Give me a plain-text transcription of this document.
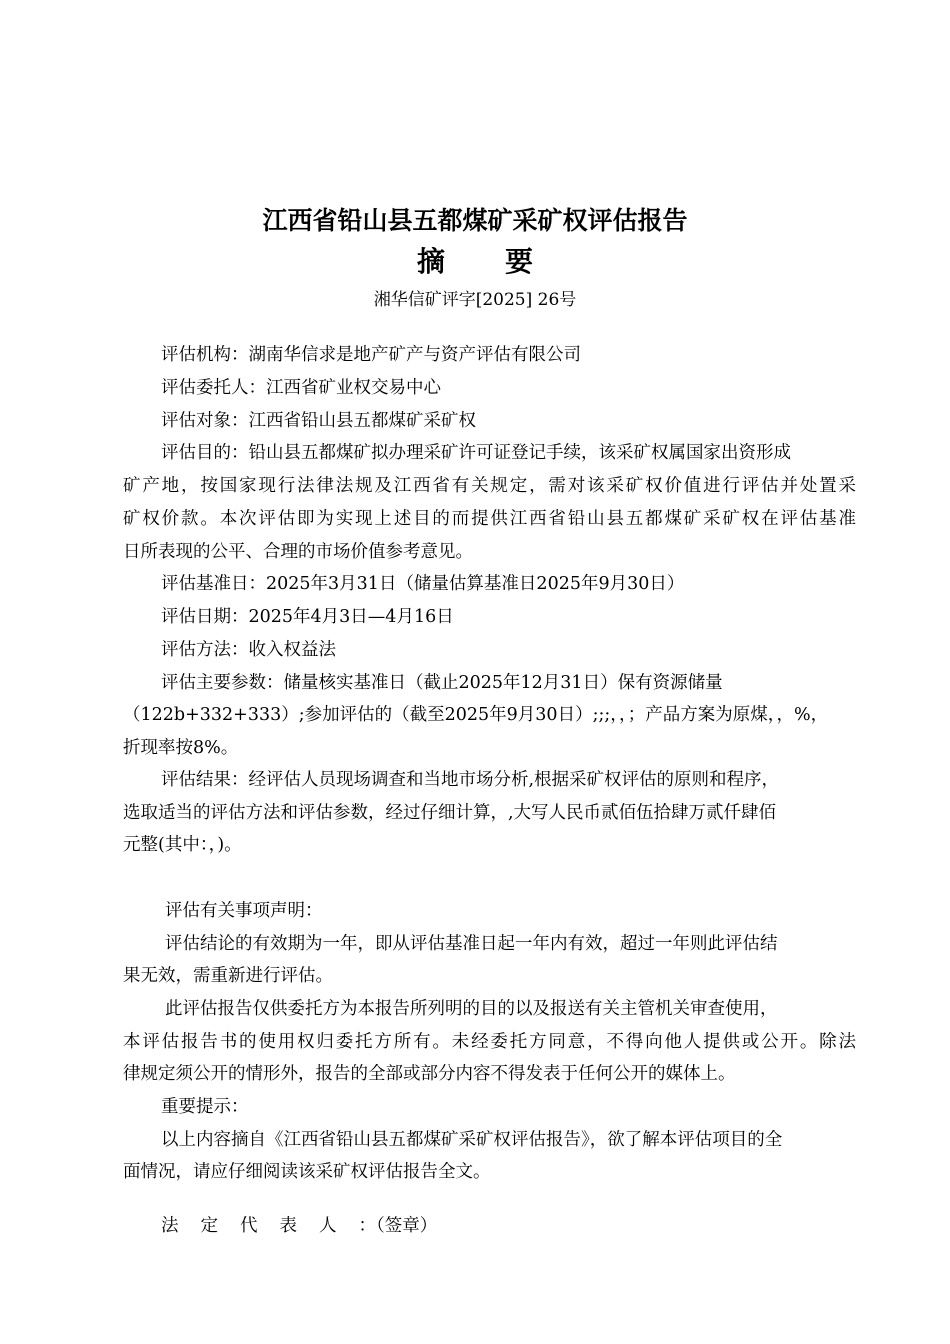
江西省铅山县五都煤矿采矿权评估报告
摘要
湘华信矿评字[2025] 26号

评估机构：湖南华信求是地产矿产与资产评估有限公司

评估委托人：江西省矿业权交易中心

评估对象：江西省铅山县五都煤矿采矿权

评估目的：铅山县五都煤矿拟办理采矿许可证登记手续，该采矿权属国家出资形成

矿产地，按国家现行法律法规及江西省有关规定，需对该采矿权价值进行评估并处置采

矿权价款。本次评估即为实现上述目的而提供江西省铅山县五都煤矿采矿权在评估基准

日所表现的公平、合理的市场价值参考意见。

评估基准日：2025年3月31日（储量估算基准日2025年9月30日）

评估日期：2025年4月3日—4月16日

评估方法：收入权益法

评估主要参数：储量核实基准日（截止2025年12月31日）保有资源储量

（122b+332+333）;参加评估的（截至2025年9月30日）;;;，，；产品方案为原煤，，%，

折现率按8%。

评估结果：经评估人员现场调查和当地市场分析,根据采矿权评估的原则和程序，

选取适当的评估方法和评估参数，经过仔细计算，,大写人民币贰佰伍拾肆万贰仟肆佰

元整(其中：，)。

评估有关事项声明：

评估结论的有效期为一年，即从评估基准日起一年内有效，超过一年则此评估结

果无效，需重新进行评估。

此评估报告仅供委托方为本报告所列明的目的以及报送有关主管机关审查使用，

本评估报告书的使用权归委托方所有。未经委托方同意，不得向他人提供或公开。除法

律规定须公开的情形外，报告的全部或部分内容不得发表于任何公开的媒体上。

重要提示：

以上内容摘自《江西省铅山县五都煤矿采矿权评估报告》，欲了解本评估项目的全

面情况，请应仔细阅读该采矿权评估报告全文。

法定代表人：（签章）
